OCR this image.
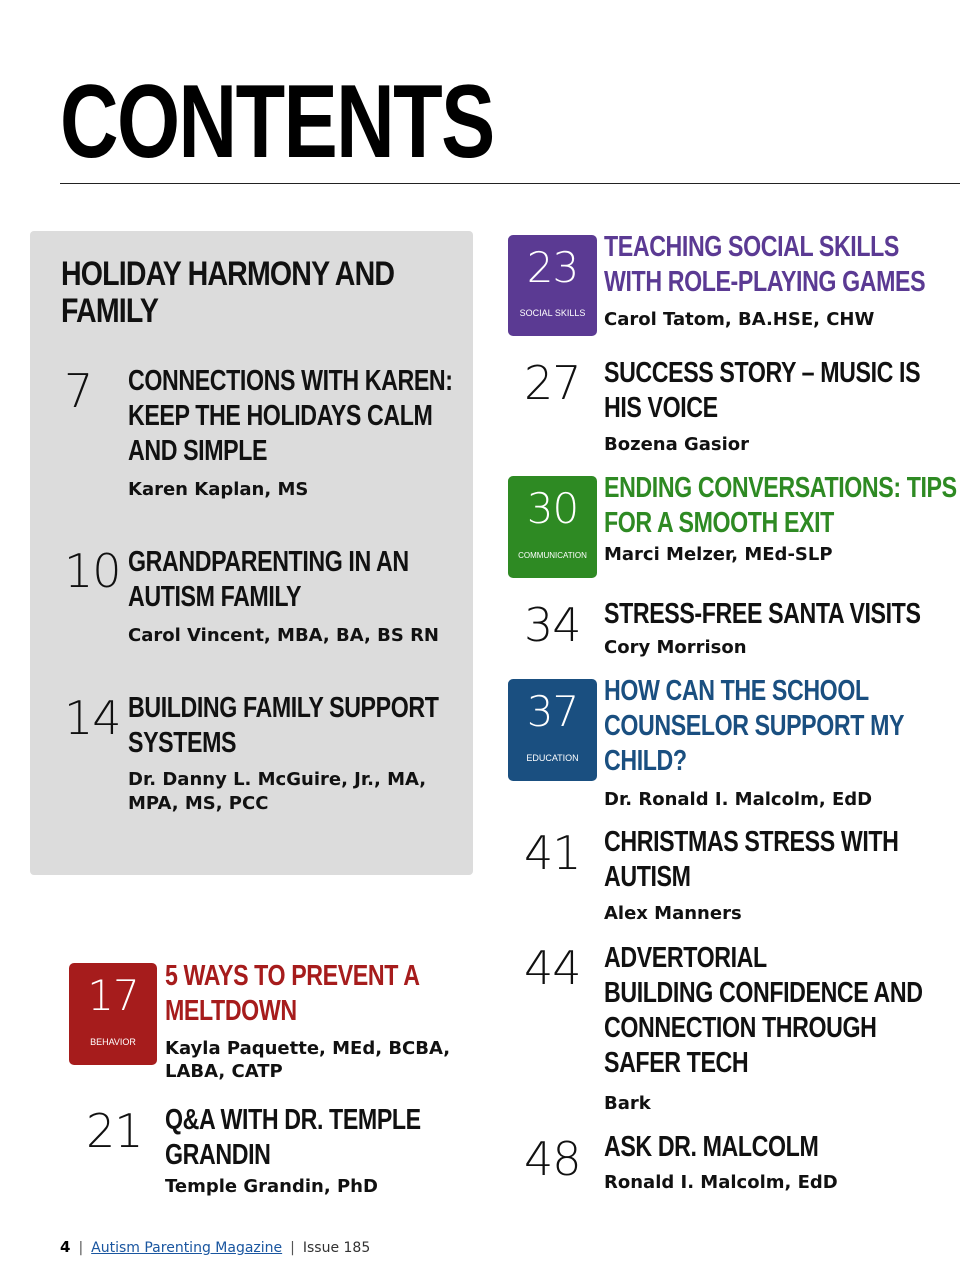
CONTENTS
HOLIDAY HARMONY AND FAMILY
7 CONNECTIONS WITH KAREN:
KEEP THE HOLIDAYS CALM
AND SIMPLE
Karen Kaplan, MS
10 GRANDPARENTING IN AN
AUTISM FAMILY
Carol Vincent, MBA, BA, BS RN
14 BUILDING FAMILY SUPPORT
SYSTEMS
Dr. Danny L. McGuire, Jr., MA,
MPA, MS, PCC
17
BEHAVIOR
5 WAYS TO PREVENT A
MELTDOWN
Kayla Paquette, MEd, BCBA,
LABA, CATP
21 Q&A WITH DR. TEMPLE
GRANDIN
Temple Grandin, PhD
23
SOCIAL SKILLS
TEACHING SOCIAL SKILLS
WITH ROLE-PLAYING GAMES
Carol Tatom, BA.HSE, CHW
27 SUCCESS STORY – MUSIC IS
HIS VOICE
Bozena Gasior
30
COMMUNICATION
ENDING CONVERSATIONS: TIPS
FOR A SMOOTH EXIT
Marci Melzer, MEd-SLP
34 STRESS-FREE SANTA VISITS
Cory Morrison
37
EDUCATION
HOW CAN THE SCHOOL
COUNSELOR SUPPORT MY
CHILD?
Dr. Ronald I. Malcolm, EdD
41 CHRISTMAS STRESS WITH
AUTISM
Alex Manners
44 ADVERTORIAL
BUILDING CONFIDENCE AND
CONNECTION THROUGH
SAFER TECH
Bark
48 ASK DR. MALCOLM
Ronald I. Malcolm, EdD
4 | Autism Parenting Magazine | Issue 185
